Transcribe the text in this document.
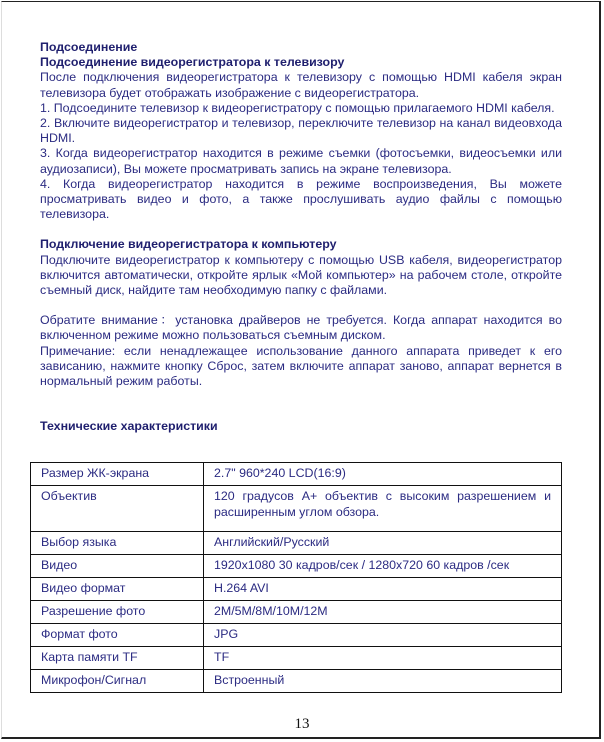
Подсоединение
Подсоединение видеорегистратора к телевизору

После подключения видеорегистратора к телевизору с помощью HDMI кабеля экран телевизора будет отображать изображение с видеорегистратора.

1. Подсоедините телевизор к видеорегистратору с помощью прилагаемого HDMI кабеля.

2. Включите видеорегистратор и телевизор, переключите телевизор на канал видеовхода HDMI.

3. Когда видеорегистратор находится в режиме съемки (фотосъемки, видеосъемки или аудиозаписи), Вы можете просматривать запись на экране телевизора.

4. Когда видеорегистратор находится в режиме воспроизведения, Вы можете просматривать видео и фото, а также прослушивать аудио файлы с помощью телевизора.

Подключение видеорегистратора к компьютеру

Подключите видеорегистратор к компьютеру с помощью USB кабеля, видеорегистратор включится автоматически, откройте ярлык «Мой компьютер» на рабочем столе, откройте съемный диск, найдите там необходимую папку с файлами.

Обратите внимание：установка драйверов не требуется. Когда аппарат находится во включенном режиме можно пользоваться съемным диском.

Примечание: если ненадлежащее использование данного аппарата приведет к его зависанию, нажмите кнопку Сброс, затем включите аппарат заново, аппарат вернется в нормальный режим работы.

Технические характеристики
Размер ЖК-экрана	2.7" 960*240 LCD(16:9)
Объектив	120 градусов A+ объектив с высоким разрешением и расширенным углом обзора.
Выбор языка	Английский/Русский
Видео	1920x1080 30 кадров/сек / 1280x720 60 кадров /сек
Видео формат	H.264 AVI
Разрешение фото	2M/5M/8M/10M/12M
Формат фото	JPG
Карта памяти TF	TF
Микрофон/Сигнал	Встроенный
13
